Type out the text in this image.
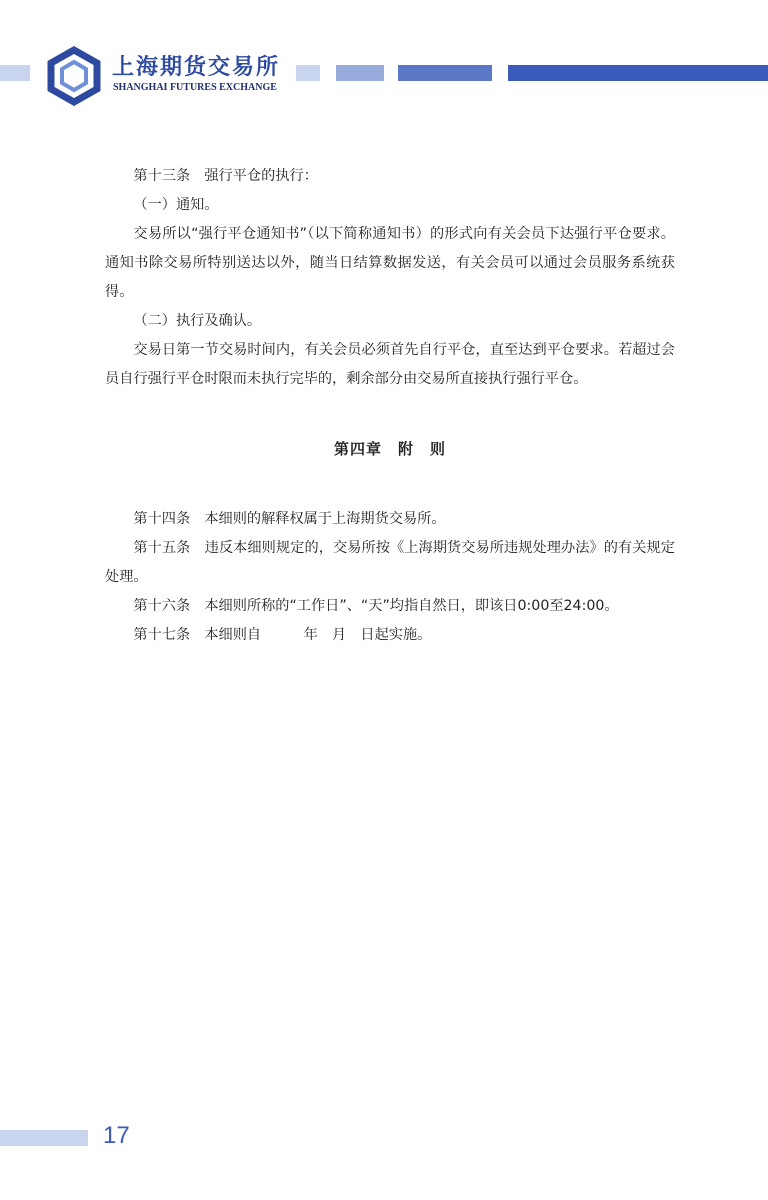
上海期货交易所
SHANGHAI FUTURES EXCHANGE

第十三条　强行平仓的执行：

（一）通知。

交易所以“强行平仓通知书”（以下简称通知书）的形式向有关会员下达强行平仓要求。通知书除交易所特别送达以外，随当日结算数据发送，有关会员可以通过会员服务系统获得。

（二）执行及确认。

交易日第一节交易时间内，有关会员必须首先自行平仓，直至达到平仓要求。若超过会员自行强行平仓时限而未执行完毕的，剩余部分由交易所直接执行强行平仓。

第四章　附　则

第十四条　本细则的解释权属于上海期货交易所。

第十五条　违反本细则规定的，交易所按《上海期货交易所违规处理办法》的有关规定处理。

第十六条　本细则所称的“工作日”、“天”均指自然日，即该日0:00至24:00。

第十七条　本细则自　　　年　月　日起实施。

17
